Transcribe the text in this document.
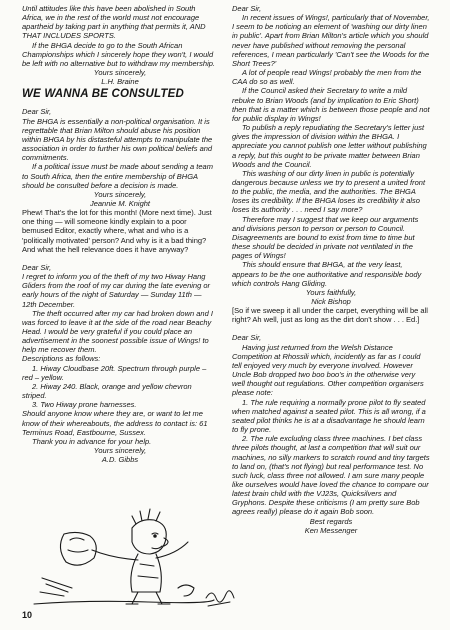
Until attitudes like this have been abolished in South Africa, we in the rest of the world must not encourage apartheid by taking part in anything that permits it, AND THAT INCLUDES SPORTS.

If the BHGA decide to go to the South African Championships which I sincerely hope they won't, I would be left with no alternative but to withdraw my membership.

Yours sincerely,

L.H. Braine

WE WANNA BE CONSULTED

Dear Sir,

The BHGA is essentially a non-political organisation. It is regrettable that Brian Milton should abuse his position within BHGA by his distasteful attempts to manipulate the association in order to further his own political beliefs and commitments.

If a political issue must be made about sending a team to South Africa, then the entire membership of BHGA should be consulted before a decision is made.

Yours sincerely,

Jeannie M. Knight

Phew! That's the lot for this month! (More next time). Just one thing — will someone kindly explain to a poor bemused Editor, exactly where, what and who is a 'politically motivated' person? And why is it a bad thing? And what the hell relevance does it have anyway?

Dear Sir,

I regret to inform you of the theft of my two Hiway Hang Gliders from the roof of my car during the late evening or early hours of the night of Saturday — Sunday 11th — 12th December.

The theft occurred after my car had broken down and I was forced to leave it at the side of the road near Beachy Head. I would be very grateful if you could place an advertisement in the soonest possible issue of Wings! to help me recover them.

Descriptions as follows:

1. Hiway Cloudbase 20ft. Spectrum through purple – red – yellow.

2. Hiway 240. Black, orange and yellow chevron striped.

3. Two Hiway prone harnesses.

Should anyone know where they are, or want to let me know of their whereabouts, the address to contact is: 61 Terminus Road, Eastbourne, Sussex.

Thank you in advance for your help.

Yours sincerely,

A.D. Gibbs

Dear Sir,

In recent issues of Wings!, particularly that of November, I seem to be noticing an element of 'washing our dirty linen in public'. Apart from Brian Milton's article which you should never have published without removing the personal references, I mean particularly 'Can't see the Woods for the Short Trees?'

A lot of people read Wings! probably the men from the CAA do so as well.

If the Council asked their Secretary to write a mild rebuke to Brian Woods (and by implication to Eric Short) then that is a matter which is between those people and not for public display in Wings!

To publish a reply repudiating the Secretary's letter just gives the impression of division within the BHGA. I appreciate you cannot publish one letter without publishing a reply, but this ought to be private matter between Brian Woods and the Council.

This washing of our dirty linen in public is potentially dangerous because unless we try to present a united front to the public, the media, and the authorities. The BHGA loses its credibility. If the BHGA loses its credibility it also loses its authority . . . need I say more?

Therefore may I suggest that we keep our arguments and divisions person to person or person to Council. Disagreements are bound to exist from time to time but these should be decided in private not ventilated in the pages of Wings!

This should ensure that BHGA, at the very least, appears to be the one authoritative and responsible body which controls Hang Gliding.

Yours faithfully,

Nick Bishop

[So if we sweep it all under the carpet, everything will be all right? Ah well, just as long as the dirt don't show . . . Ed.]

Dear Sir,

Having just returned from the Welsh Distance Competition at Rhossili which, incidently as far as I could tell enjoyed very much by everyone involved. However Uncle Bob dropped two boo boo's in the otherwise very well thought out regulations. Other competition organisers please note:

1. The rule requiring a normally prone pilot to fly seated when matched against a seated pilot. This is all wrong, if a seated pilot thinks he is at a disadvantage he should learn to fly prone.

2. The rule excluding class three machines. I bet class three pilots thought, at last a competition that will suit our machines, no silly markers to scratch round and tiny targets to land on, (that's not flying) but real performance test. No such luck, class three not allowed. I am sure many people like ourselves would have loved the chance to compare our latest brain child with the VJ23s, Quicksilvers and Gryphons. Despite these criticisms (I am pretty sure Bob agrees really) please do it again Bob soon.

Best regards

Ken Messenger

10
